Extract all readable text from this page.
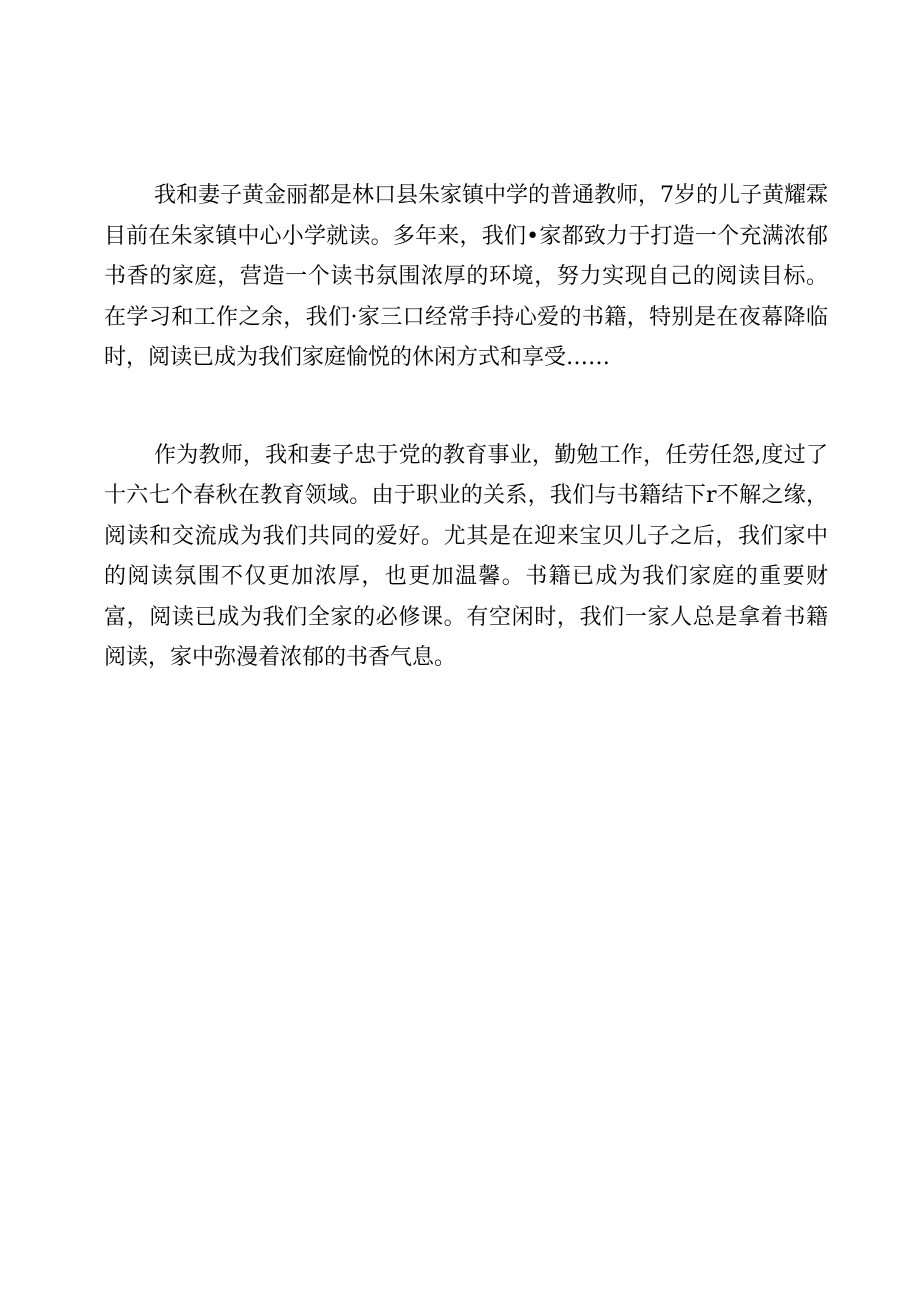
我和妻子黄金丽都是林口县朱家镇中学的普通教师，7岁的儿子黄耀霖目前在朱家镇中心小学就读。多年来，我们•家都致力于打造一个充满浓郁书香的家庭，营造一个读书氛围浓厚的环境，努力实现自己的阅读目标。在学习和工作之余，我们·家三口经常手持心爱的书籍，特别是在夜幕降临时，阅读已成为我们家庭愉悦的休闲方式和享受……

作为教师，我和妻子忠于党的教育事业，勤勉工作，任劳任怨,度过了十六七个春秋在教育领域。由于职业的关系，我们与书籍结下r不解之缘，阅读和交流成为我们共同的爱好。尤其是在迎来宝贝儿子之后，我们家中的阅读氛围不仅更加浓厚，也更加温馨。书籍已成为我们家庭的重要财富，阅读已成为我们全家的必修课。有空闲时，我们一家人总是拿着书籍阅读，家中弥漫着浓郁的书香气息。
